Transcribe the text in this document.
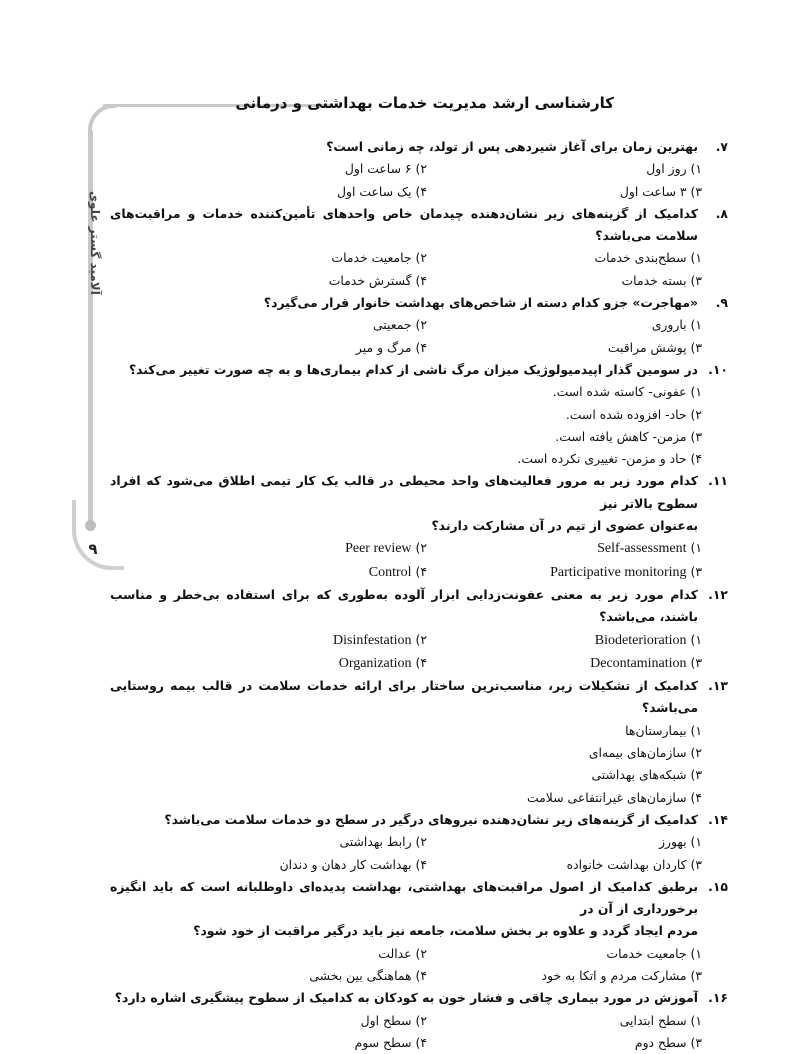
آلامید گستر علوی
۹
کارشناسی ارشد مدیریت خدمات بهداشتی و درمانی
۷.
بهترین زمان برای آغاز شیردهی پس از تولد، چه زمانی است؟
۱) روز اول
۲) ۶ ساعت اول
۳) ۳ ساعت اول
۴) یک ساعت اول
۸.
کدامیک از گزینه‌های زیر نشان‌دهنده چیدمان خاص واحدهای تأمین‌کننده خدمات و مراقبت‌های سلامت می‌باشد؟
۱) سطح‌بندی خدمات
۲) جامعیت خدمات
۳) بسته خدمات
۴) گسترش خدمات
۹.
«مهاجرت» جزو کدام دسته از شاخص‌های بهداشت خانوار قرار می‌گیرد؟
۱) باروری
۲) جمعیتی
۳) پوشش مراقبت
۴) مرگ و میر
۱۰.
در سومین گذار اپیدمیولوژیک میزان مرگ ناشی از کدام بیماری‌ها و به چه صورت تغییر می‌کند؟
۱) عفونی- کاسته شده است.
۲) حاد- افزوده شده است.
۳) مزمن- کاهش یافته است.
۴) حاد و مزمن- تغییری نکرده است.
۱۱.
کدام مورد زیر به مرور فعالیت‌های واحد محیطی در قالب یک کار تیمی اطلاق می‌شود که افراد سطوح بالاتر نیز
به‌عنوان عضوی از تیم در آن مشارکت دارند؟
۱) Self-assessment
۲) Peer review
۳) Participative monitoring
۴) Control
۱۲.
کدام مورد زیر به معنی عفونت‌زدایی ابزار آلوده به‌طوری که برای استفاده بی‌خطر و مناسب باشند، می‌باشد؟
۱) Biodeterioration
۲) Disinfestation
۳) Decontamination
۴) Organization
۱۳.
کدامیک از تشکیلات زیر، مناسب‌ترین ساختار برای ارائه خدمات سلامت در قالب بیمه روستایی می‌باشد؟
۱) بیمارستان‌ها
۲) سازمان‌های بیمه‌ای
۳) شبکه‌های بهداشتی
۴) سازمان‌های غیرانتفاعی سلامت
۱۴.
کدامیک از گزینه‌های زیر نشان‌دهنده نیروهای درگیر در سطح دو خدمات سلامت می‌باشد؟
۱) بهورز
۲) رابط بهداشتی
۳) کاردان بهداشت خانواده
۴) بهداشت کار دهان و دندان
۱۵.
برطبق کدامیک از اصول مراقبت‌های بهداشتی، بهداشت پدیده‌ای داوطلبانه است که باید انگیزه برخورداری از آن در
مردم ایجاد گردد و علاوه بر بخش سلامت، جامعه نیز باید درگیر مراقبت از خود شود؟
۱) جامعیت خدمات
۲) عدالت
۳) مشارکت مردم و اتکا به خود
۴) هماهنگی بین بخشی
۱۶.
آموزش در مورد بیماری چاقی و فشار خون به کودکان به کدامیک از سطوح پیشگیری اشاره دارد؟
۱) سطح ابتدایی
۲) سطح اول
۳) سطح دوم
۴) سطح سوم
